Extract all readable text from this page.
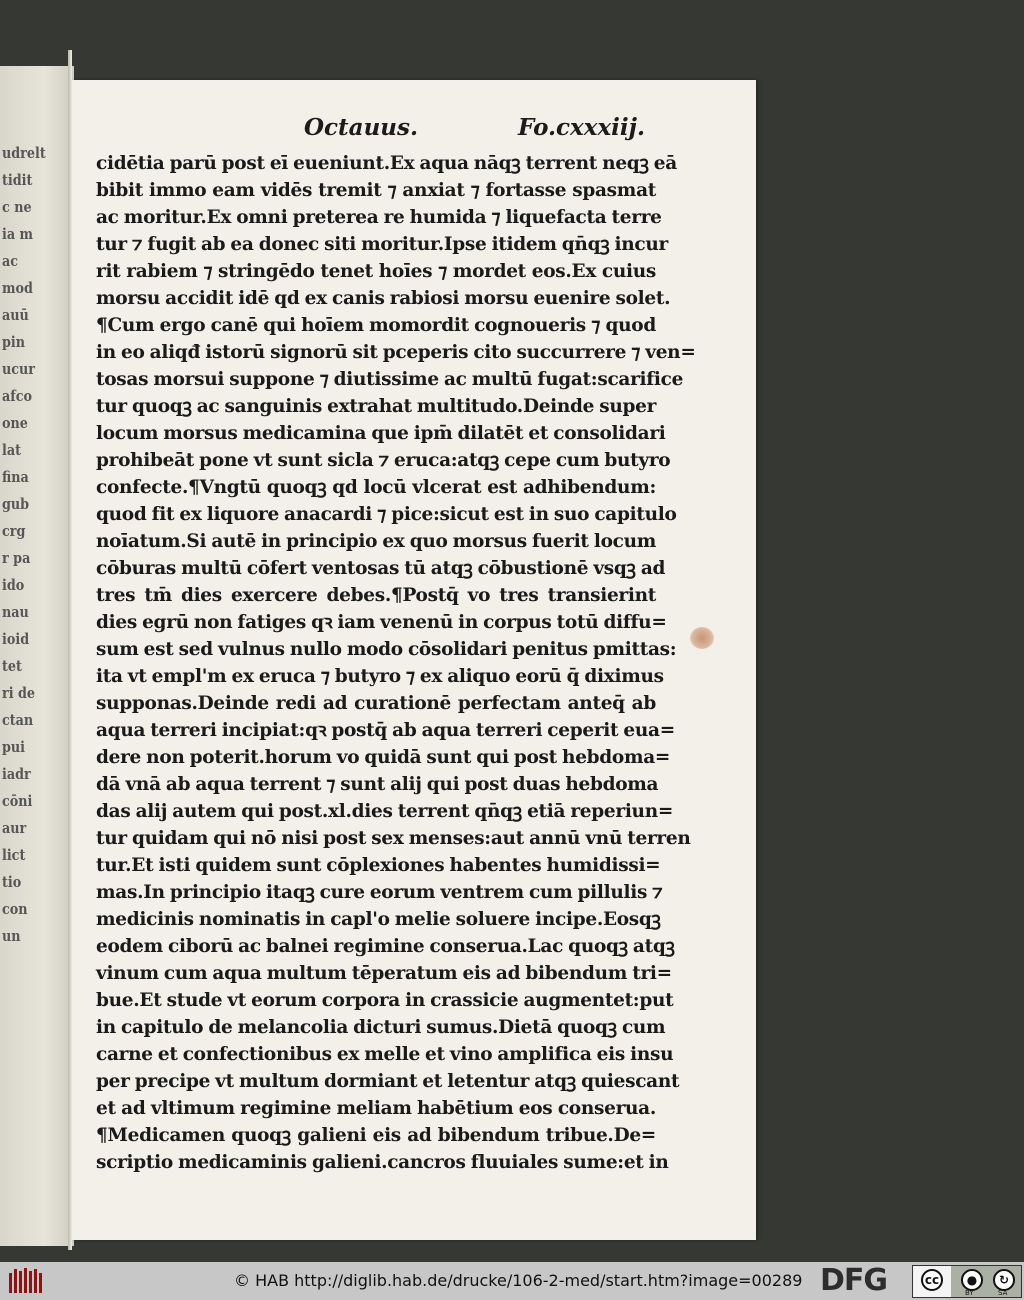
udrelt
tidit
c ne
ia m
ac
mod
auū
pin
ucur
afco
one
lat
fina
gub
crg
r pa
ido
nau
ioid
tet
ri de
ctan
pui
iadr
cōni
aur
lict
tio
con
un
Octauus.	Fo.cxxxiij.
cidētia parū post eī eueniunt.Ex aqua nāqꝫ terrent neqꝫ eā
bibit immo eam vidēs tremit ⁊ anxiat ⁊ fortasse spasmat
ac moritur.Ex omni preterea re humida ⁊ liquefacta terre
tur ⁊ fugit ab ea donec siti moritur.Ipse itidem qn̄qꝫ incur
rit rabiem ⁊ stringēdo tenet hoīes ⁊ mordet eos.Ex cuius
morsu accidit idē qd ex canis rabiosi morsu euenire solet.
¶Cum ergo canē qui hoīem momordit cognoueris ⁊ quod
in eo aliqđ istorū signorū sit pceperis cito succurrere ⁊ ven=
tosas morsui suppone ⁊ diutissime ac multū fugat:scarifice
tur quoqꝫ ac sanguinis extrahat multitudo.Deinde super
locum morsus medicamina que ipm̄ dilatēt et consolidari
prohibeāt pone vt sunt sicla ⁊ eruca:atqꝫ cepe cum butyro
confecte.¶Vngtū quoqꝫ qd locū vlcerat est adhibendum:
quod fit ex liquore anacardi ⁊ pice:sicut est in suo capitulo
noīatum.Si autē in principio ex quo morsus fuerit locum
cōburas multū cōfert ventosas tū atqꝫ cōbustionē vsqꝫ ad
tres tm̄ dies exercere debes.¶Postq̄ vo tres transierint
dies egrū non fatiges qꝛ iam venenū in corpus totū diffu=
sum est sed vulnus nullo modo cōsolidari penitus pmittas:
ita vt empl'm ex eruca ⁊ butyro ⁊ ex aliquo eorū q̄ diximus
supponas.Deinde redi ad curationē perfectam anteq̄ ab
aqua terreri incipiat:qꝛ postq̄ ab aqua terreri ceperit eua=
dere non poterit.horum vo quidā sunt qui post hebdoma=
dā vnā ab aqua terrent ⁊ sunt alij qui post duas hebdoma
das alij autem qui post.xl.dies terrent qn̄qꝫ etiā reperiun=
tur quidam qui nō nisi post sex menses:aut annū vnū terren
tur.Et isti quidem sunt cōplexiones habentes humidissi=
mas.In principio itaqꝫ cure eorum ventrem cum pillulis ⁊
medicinis nominatis in capl'o melie soluere incipe.Eosqꝫ
eodem ciborū ac balnei regimine conserua.Lac quoqꝫ atqꝫ
vinum cum aqua multum tēperatum eis ad bibendum tri=
bue.Et stude vt eorum corpora in crassicie augmentet:put
in capitulo de melancolia dicturi sumus.Dietā quoqꝫ cum
carne et confectionibus ex melle et vino amplifica eis insu
per precipe vt multum dormiant et letentur atqꝫ quiescant
et ad vltimum regimine meliam habētium eos conserua.
¶Medicamen quoqꝫ galieni eis ad bibendum tribue.De=
scriptio medicaminis galieni.cancros fluuiales sume:et in
© HAB http://diglib.hab.de/drucke/106-2-med/start.htm?image=00289 DFG	cc	●	↻
BY	SA
